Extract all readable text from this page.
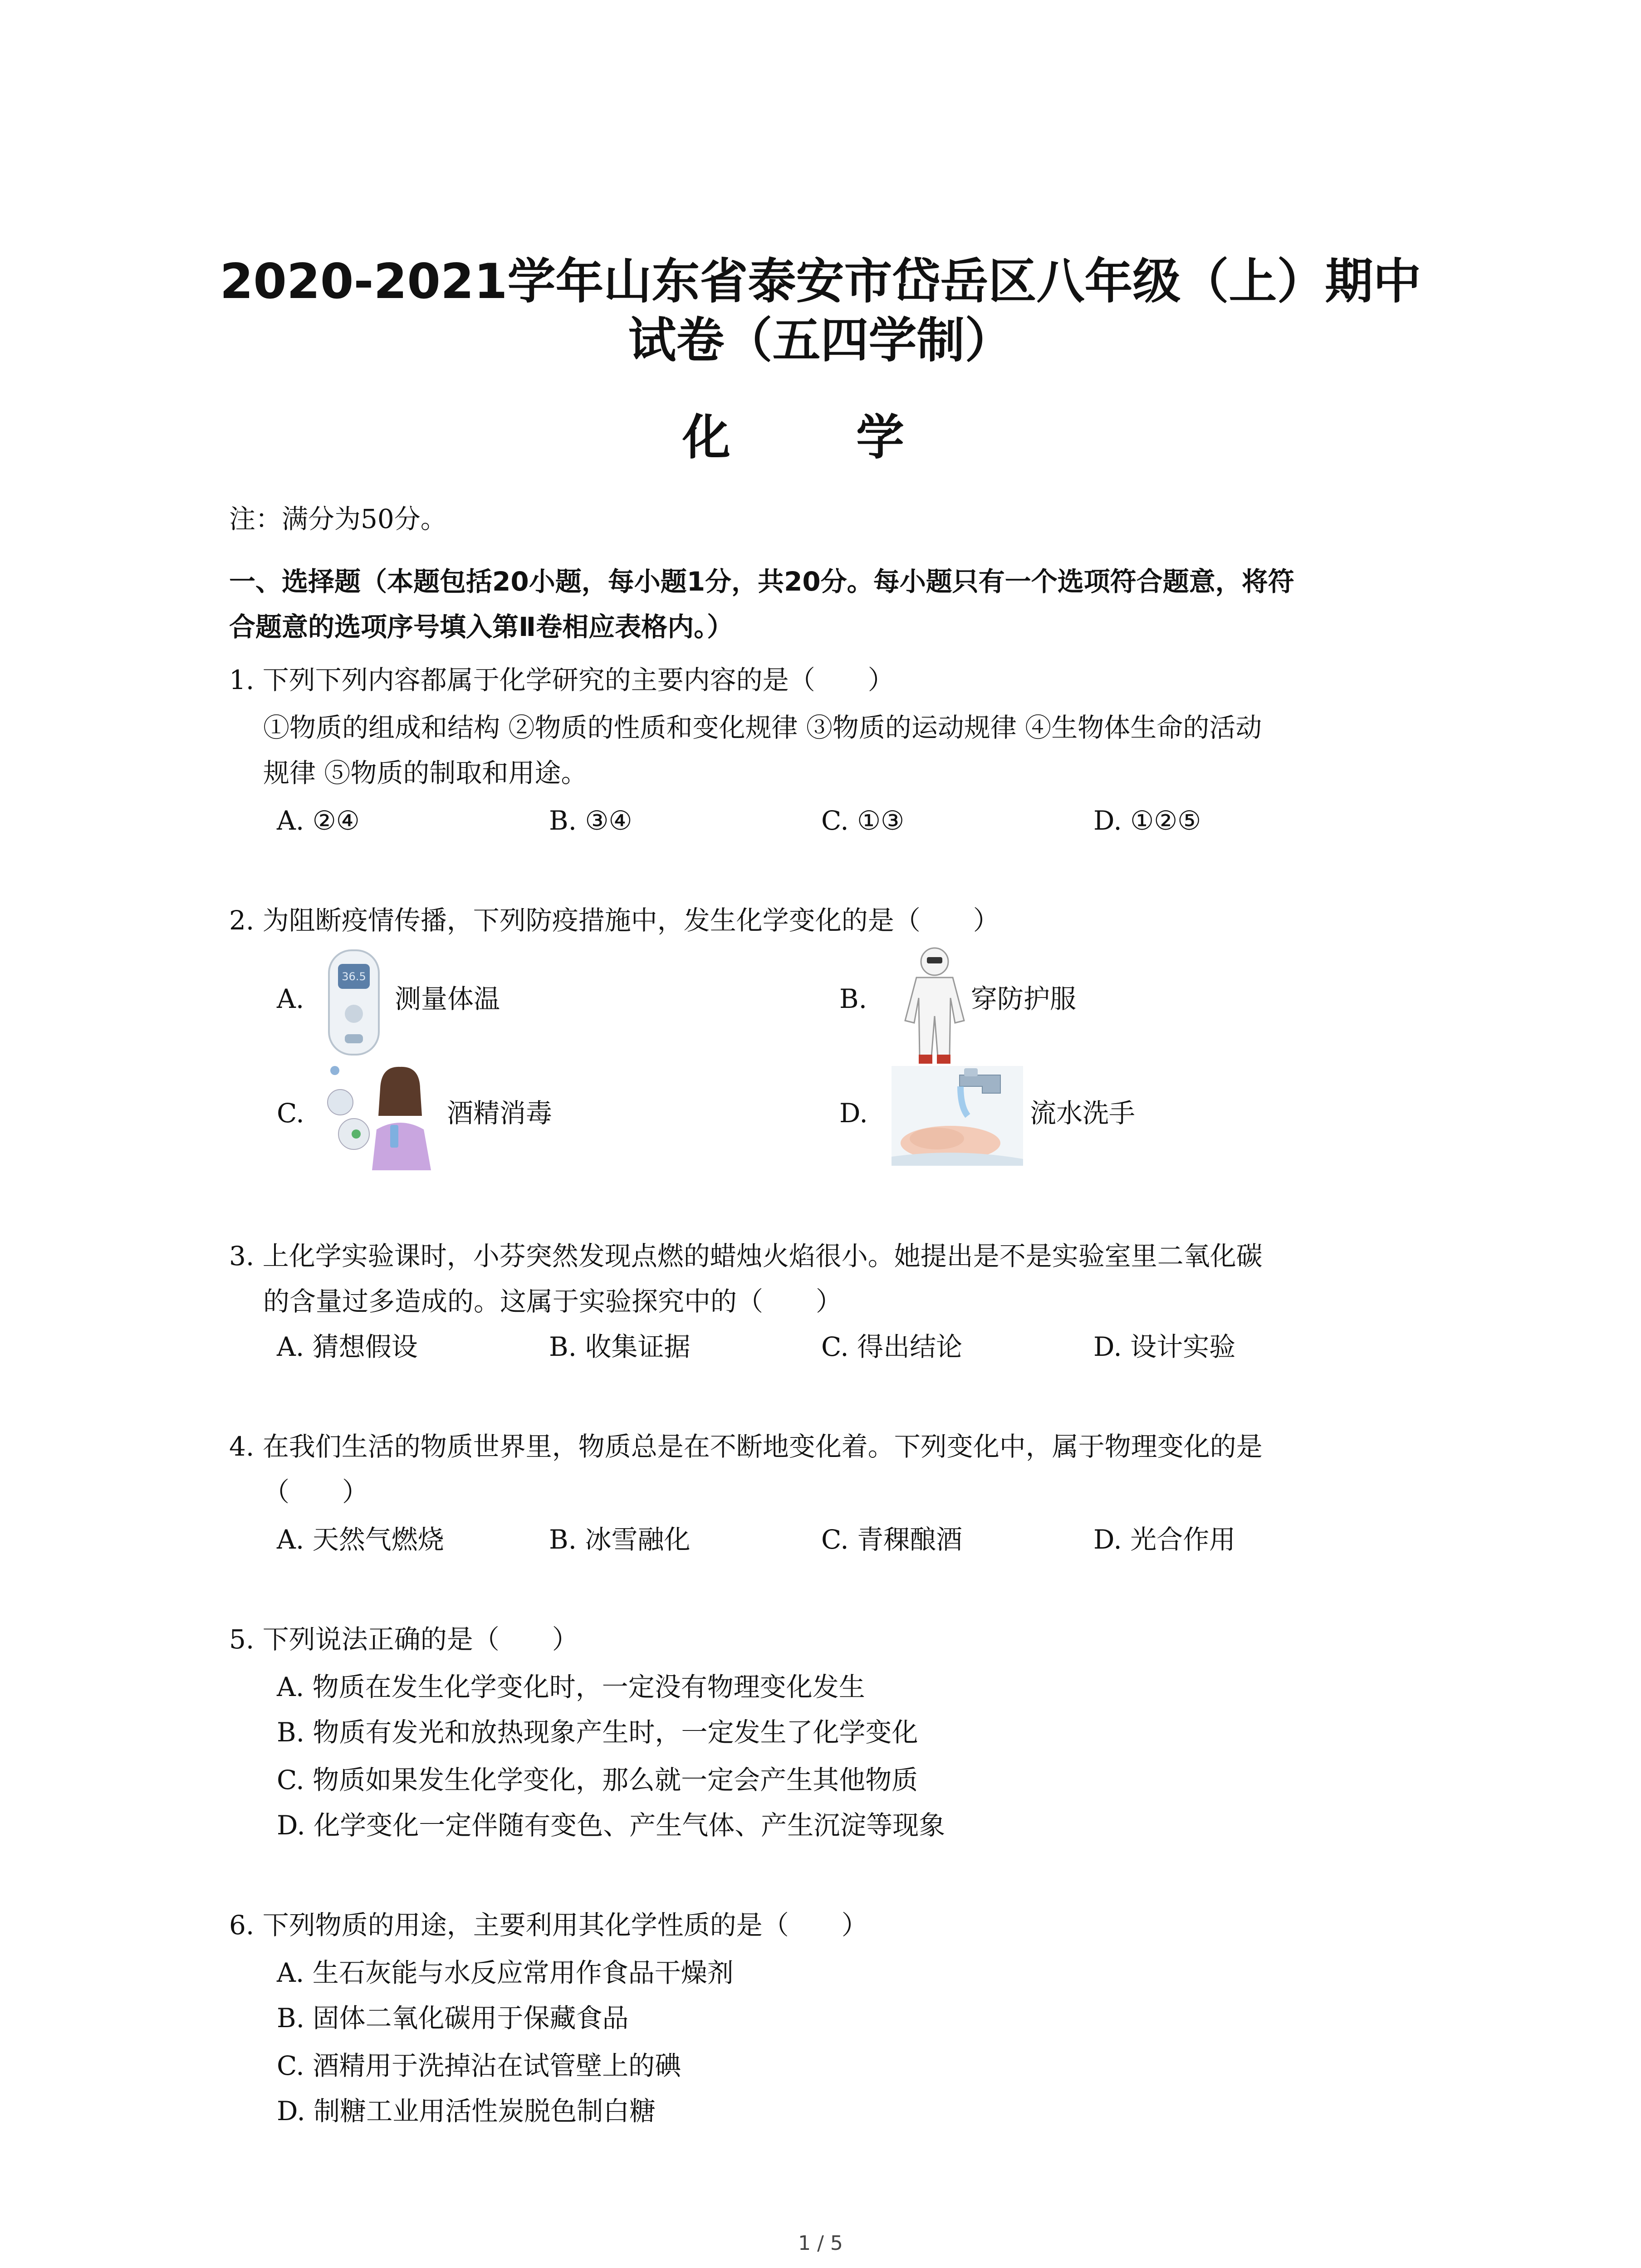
2020-2021学年山东省泰安市岱岳区八年级（上）期中
试卷（五四学制）
化 学
注：满分为50分。
一、选择题（本题包括20小题，每小题1分，共20分。每小题只有一个选项符合题意，将符
合题意的选项序号填入第Ⅱ卷相应表格内。）
1. 下列下列内容都属于化学研究的主要内容的是（　　）
①物质的组成和结构 ②物质的性质和变化规律 ③物质的运动规律 ④生物体生命的活动
规律 ⑤物质的制取和用途。
A. ②④	B. ③④	C. ①③	D. ①②⑤
2. 为阻断疫情传播，下列防疫措施中，发生化学变化的是（　　）
A.
36.5
测量体温	B.	穿防护服
C.	酒精消毒	D.	流水洗手
3. 上化学实验课时，小芬突然发现点燃的蜡烛火焰很小。她提出是不是实验室里二氧化碳
的含量过多造成的。这属于实验探究中的（　　）
A. 猜想假设	B. 收集证据	C. 得出结论	D. 设计实验
4. 在我们生活的物质世界里，物质总是在不断地变化着。下列变化中，属于物理变化的是
（　　）
A. 天然气燃烧	B. 冰雪融化	C. 青稞酿酒	D. 光合作用
5. 下列说法正确的是（　　）
A. 物质在发生化学变化时，一定没有物理变化发生
B. 物质有发光和放热现象产生时，一定发生了化学变化
C. 物质如果发生化学变化，那么就一定会产生其他物质
D. 化学变化一定伴随有变色、产生气体、产生沉淀等现象
6. 下列物质的用途，主要利用其化学性质的是（　　）
A. 生石灰能与水反应常用作食品干燥剂
B. 固体二氧化碳用于保藏食品
C. 酒精用于洗掉沾在试管壁上的碘
D. 制糖工业用活性炭脱色制白糖
1 / 5
